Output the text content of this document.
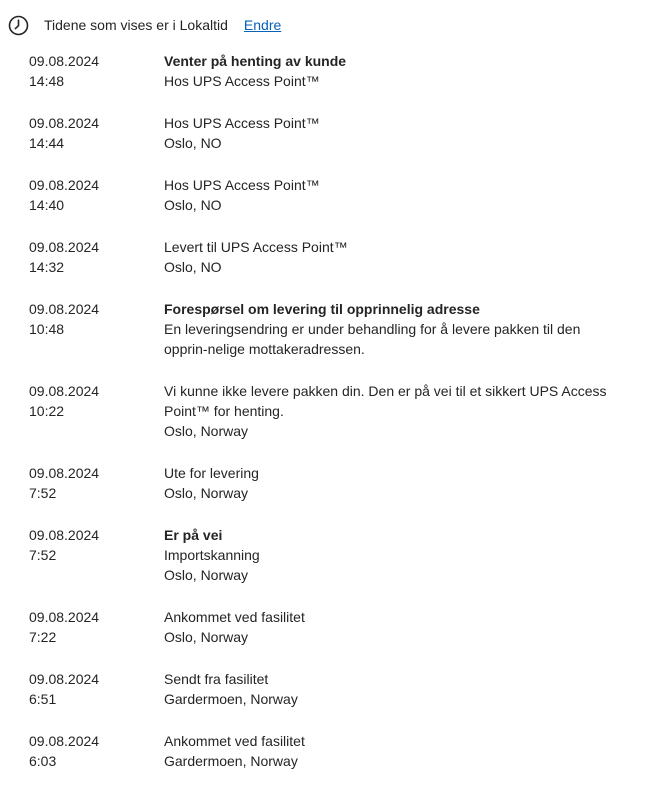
Tidene som vises er i Lokaltid Endre
09.08.2024
14:48
Venter på henting av kunde
Hos UPS Access Point™
09.08.2024
14:44
Hos UPS Access Point™
Oslo, NO
09.08.2024
14:40
Hos UPS Access Point™
Oslo, NO
09.08.2024
14:32
Levert til UPS Access Point™
Oslo, NO
09.08.2024
10:48
Forespørsel om levering til opprinnelig adresse
En leveringsendring er under behandling for å levere pakken til den opprin-nelige mottakeradressen.
09.08.2024
10:22
Vi kunne ikke levere pakken din. Den er på vei til et sikkert UPS Access Point™ for henting.
Oslo, Norway
09.08.2024
7:52
Ute for levering
Oslo, Norway
09.08.2024
7:52
Er på vei
Importskanning
Oslo, Norway
09.08.2024
7:22
Ankommet ved fasilitet
Oslo, Norway
09.08.2024
6:51
Sendt fra fasilitet
Gardermoen, Norway
09.08.2024
6:03
Ankommet ved fasilitet
Gardermoen, Norway
